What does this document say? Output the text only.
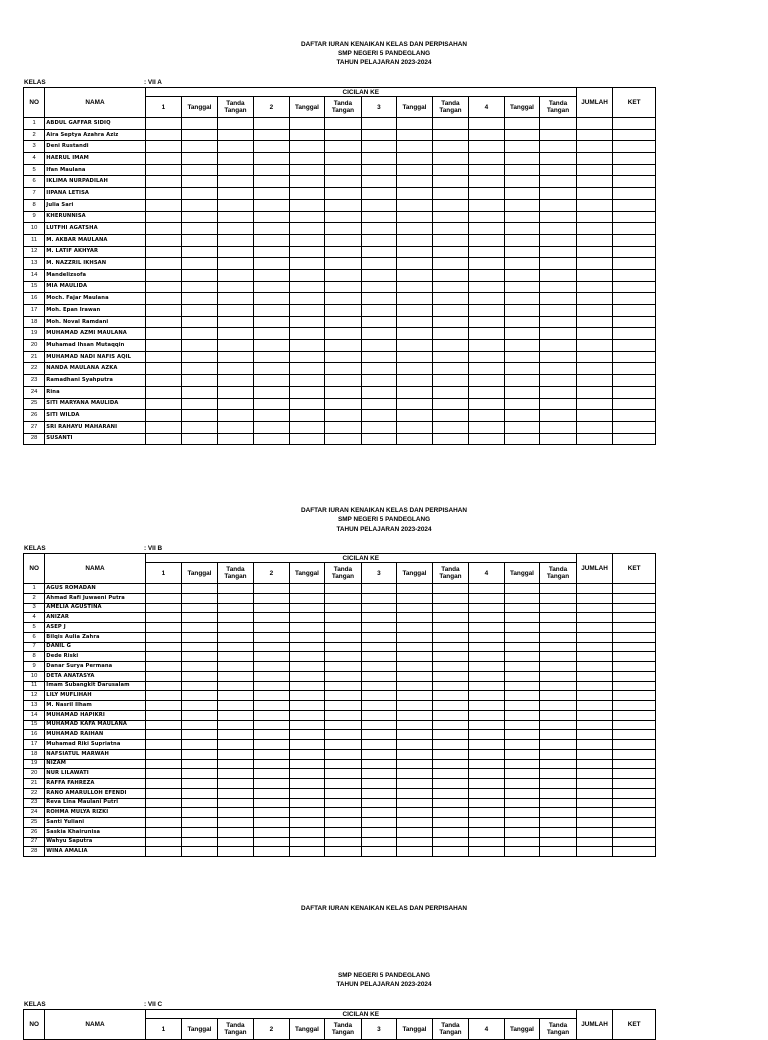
DAFTAR IURAN KENAIKAN KELAS DAN PERPISAHAN
SMP NEGERI 5 PANDEGLANG
TAHUN PELAJARAN 2023-2024
KELAS	: VII A
NO	NAMA	CICILAN KE												JUMLAH	KET
		1	Tanggal	Tanda Tangan	2	Tanggal	Tanda Tangan	3	Tanggal	Tanda Tangan	4	Tanggal	Tanda Tangan		
1	ABDUL GAFFAR SIDIQ														
2	Aira Septya Azahra Aziz														
3	Deni Rustandi														
4	HAERUL IMAM														
5	Ifan Maulana														
6	IKLIMA NURPADILAH														
7	IIPANA LETISA														
8	Julia Sari														
9	KHERUNNISA														
10	LUTFHI AGATSHA														
11	M. AKBAR MAULANA														
12	M. LATIF AKHYAR														
13	M. NAZZRIL IKHSAN														
14	Mandelizsofa														
15	MIA MAULIDA														
16	Moch. Fajar Maulana														
17	Moh. Epan Irawan														
18	Moh. Noval Ramdani														
19	MUHAMAD AZMI MAULANA														
20	Muhamad Ihsan Mutaqqin														
21	MUHAMAD NADI NAFIS AQIL														
22	NANDA MAULANA AZKA														
23	Ramadhani Syahputra														
24	Rina														
25	SITI MARYANA MAULIDA														
26	SITI WILDA														
27	SRI RAHAYU MAHARANI														
28	SUSANTI														
DAFTAR IURAN KENAIKAN KELAS DAN PERPISAHAN
SMP NEGERI 5 PANDEGLANG
TAHUN PELAJARAN 2023-2024
KELAS	: VII B
NO	NAMA	CICILAN KE												JUMLAH	KET
		1	Tanggal	Tanda Tangan	2	Tanggal	Tanda Tangan	3	Tanggal	Tanda Tangan	4	Tanggal	Tanda Tangan		
1	AGUS ROMADAN														
2	Ahmad Rafi Juwaeni Putra														
3	AMELIA AGUSTINA														
4	ANIZAR														
5	ASEP J														
6	Bilqis Aulia Zahra														
7	DANIL G														
8	Dede Riski														
9	Danar Surya Permana														
10	DETA ANATASYA														
11	Imam Subangkit Darusalam														
12	LILY MUFLIHAH														
13	M. Nasril Ilham														
14	MUHAMAD HAPIKRI														
15	MUHAMAD KAFA MAULANA														
16	MUHAMAD RAIHAN														
17	Muhamad Riki Supriatna														
18	NAFSIATUL MARWAH														
19	NIZAM														
20	NUR LILAWATI														
21	RAFFA FAHREZA														
22	RANO AMARULLOH EFENDI														
23	Reva Lina Maulani Putri														
24	ROHMA MULYA RIZKI														
25	Santi Yuliani														
26	Saskia Khairunisa														
27	Wahyu Saputra														
28	WINA AMALIA														
DAFTAR IURAN KENAIKAN KELAS DAN PERPISAHAN
SMP NEGERI 5 PANDEGLANG
TAHUN PELAJARAN 2023-2024
KELAS	: VII C
NO	NAMA	CICILAN KE												JUMLAH	KET
		1	Tanggal	Tanda Tangan	2	Tanggal	Tanda Tangan	3	Tanggal	Tanda Tangan	4	Tanggal	Tanda Tangan		
